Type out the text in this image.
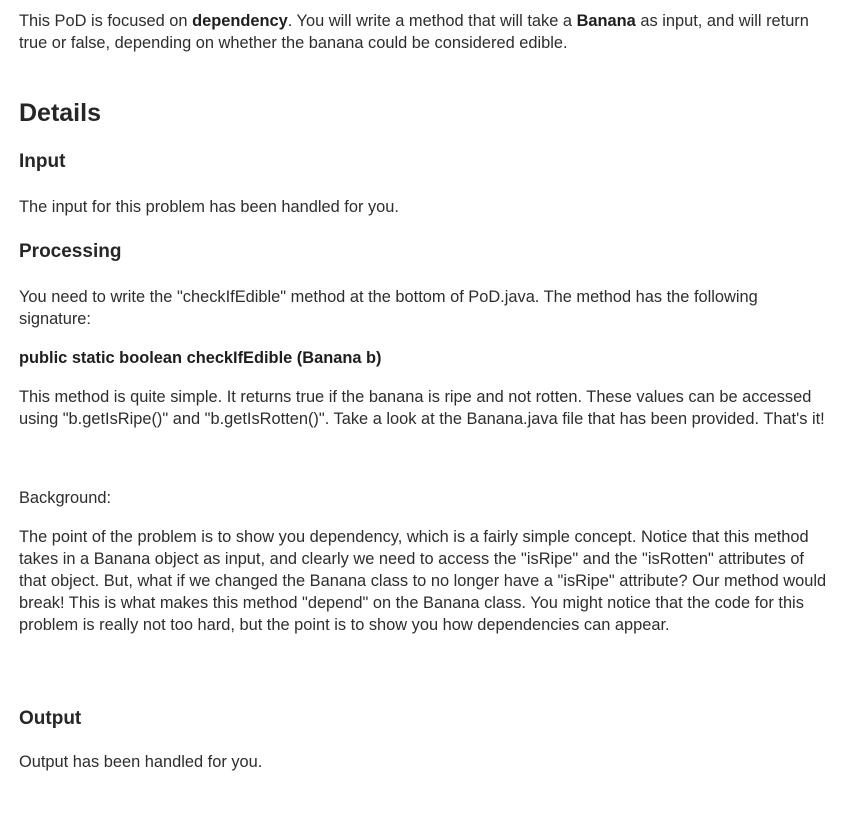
This PoD is focused on dependency. You will write a method that will take a Banana as input, and will return true or false, depending on whether the banana could be considered edible.

Details
Input

The input for this problem has been handled for you.

Processing

You need to write the "checkIfEdible" method at the bottom of PoD.java. The method has the following signature:

public static boolean checkIfEdible (Banana b)

This method is quite simple. It returns true if the banana is ripe and not rotten. These values can be accessed using "b.getIsRipe()" and "b.getIsRotten()". Take a look at the Banana.java file that has been provided. That's it!

Background:

The point of the problem is to show you dependency, which is a fairly simple concept. Notice that this method takes in a Banana object as input, and clearly we need to access the "isRipe" and the "isRotten" attributes of that object. But, what if we changed the Banana class to no longer have a "isRipe" attribute? Our method would break! This is what makes this method "depend" on the Banana class. You might notice that the code for this problem is really not too hard, but the point is to show you how dependencies can appear.

Output

Output has been handled for you.
